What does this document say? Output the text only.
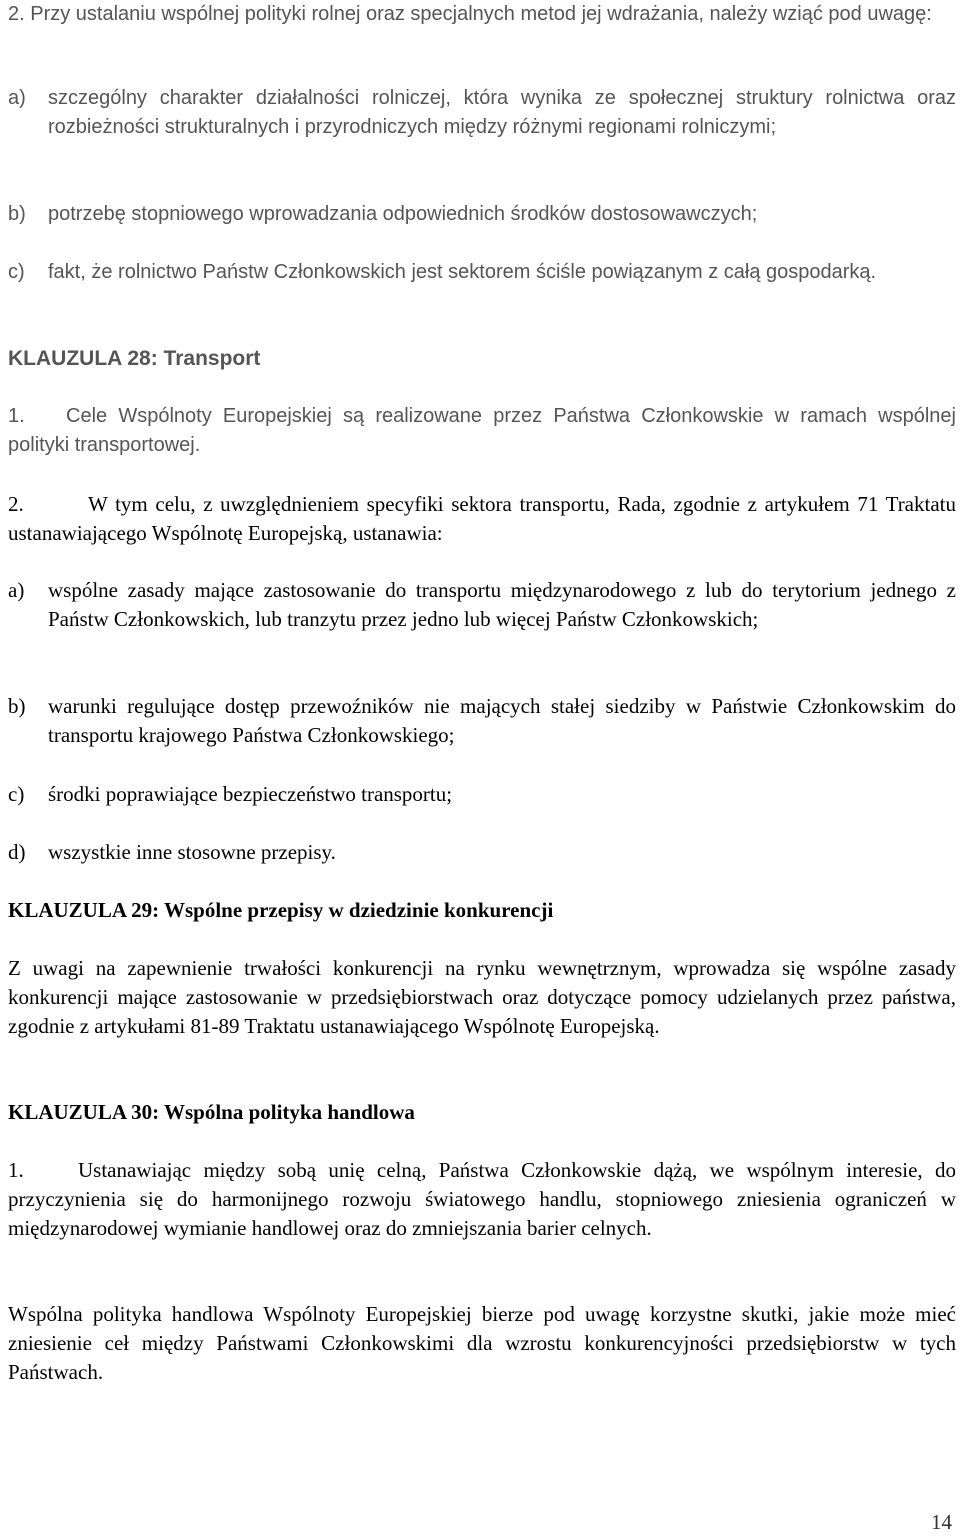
2. Przy ustalaniu wspólnej polityki rolnej oraz specjalnych metod jej wdrażania, należy wziąć pod uwagę:
a) szczególny charakter działalności rolniczej, która wynika ze społecznej struktury rolnictwa oraz rozbieżności strukturalnych i przyrodniczych między różnymi regionami rolniczymi;
b) potrzebę stopniowego wprowadzania odpowiednich środków dostosowawczych;
c) fakt, że rolnictwo Państw Członkowskich jest sektorem ściśle powiązanym z całą gospodarką.
KLAUZULA 28: Transport
1. Cele Wspólnoty Europejskiej są realizowane przez Państwa Członkowskie w ramach wspólnej polityki transportowej.
2.	W tym celu, z uwzględnieniem specyfiki sektora transportu, Rada, zgodnie z artykułem 71 Traktatu ustanawiającego Wspólnotę Europejską, ustanawia:
a) wspólne zasady mające zastosowanie do transportu międzynarodowego z lub do terytorium jednego z Państw Członkowskich, lub tranzytu przez jedno lub więcej Państw Członkowskich;
b) warunki regulujące dostęp przewoźników nie mających stałej siedziby w Państwie Członkowskim do transportu krajowego Państwa Członkowskiego;
c) środki poprawiające bezpieczeństwo transportu;
d) wszystkie inne stosowne przepisy.
KLAUZULA 29: Wspólne przepisy w dziedzinie konkurencji
Z uwagi na zapewnienie trwałości konkurencji na rynku wewnętrznym, wprowadza się wspólne zasady konkurencji mające zastosowanie w przedsiębiorstwach oraz dotyczące pomocy udzielanych przez państwa, zgodnie z artykułami 81-89 Traktatu ustanawiającego Wspólnotę Europejską.
KLAUZULA 30: Wspólna polityka handlowa
1.	Ustanawiając między sobą unię celną, Państwa Członkowskie dążą, we wspólnym interesie, do przyczynienia się do harmonijnego rozwoju światowego handlu, stopniowego zniesienia ograniczeń w międzynarodowej wymianie handlowej oraz do zmniejszania barier celnych.
Wspólna polityka handlowa Wspólnoty Europejskiej bierze pod uwagę korzystne skutki, jakie może mieć zniesienie ceł między Państwami Członkowskimi dla wzrostu konkurencyjności przedsiębiorstw w tych Państwach.
14
